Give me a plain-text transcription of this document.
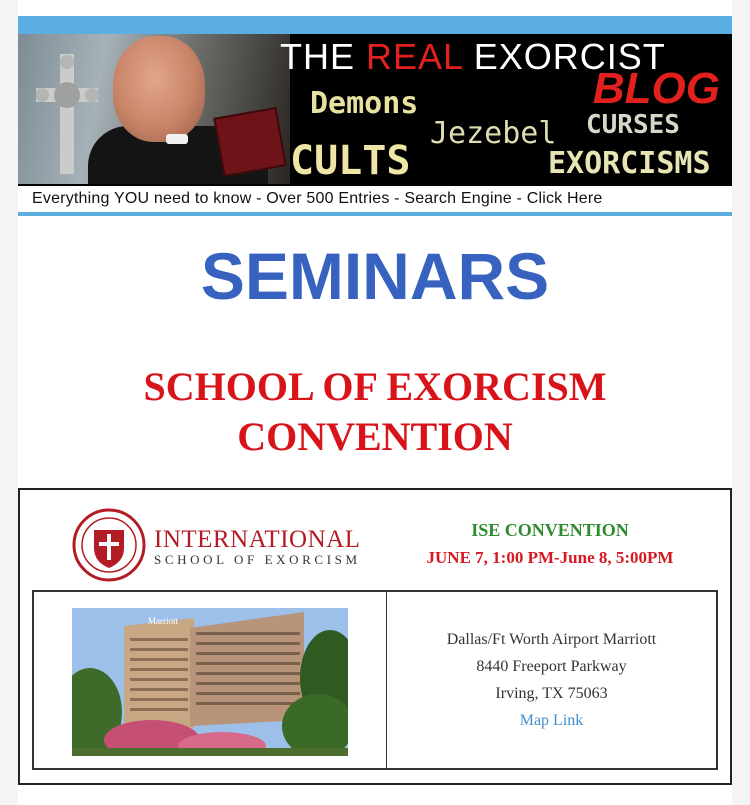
THE REAL EXORCIST
BLOG
Demons
Jezebel CURSES
CULTS	EXORCISMS
Everything YOU need to know - Over 500 Entries - Search Engine - Click Here
SEMINARS
SCHOOL OF EXORCISM
CONVENTION
INTERNATIONAL
SCHOOL OF EXORCISM
ISE CONVENTION
JUNE 7, 1:00 PM-June 8, 5:00PM
Marriott
Dallas/Ft Worth Airport Marriott
8440 Freeport Parkway
Irving, TX 75063
Map Link
